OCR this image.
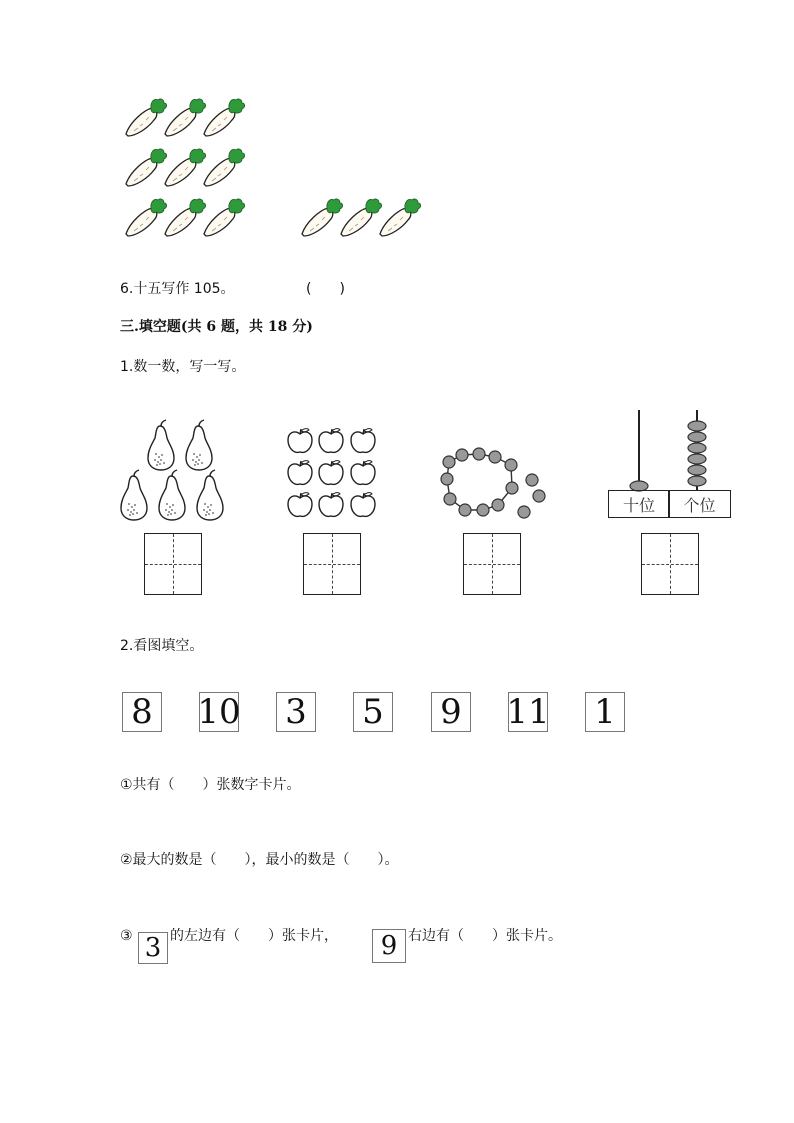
6.十五写作 105。	(　　)
三.填空题(共 6 题，共 18 分)
1.数一数，写一写。
十位	个位
2.看图填空。
8 10 3 5 9 11 1
①共有（　　）张数字卡片。
②最大的数是（　　），最小的数是（　　）。
③ 3 的左边有（　　）张卡片，	9 右边有（　　）张卡片。
